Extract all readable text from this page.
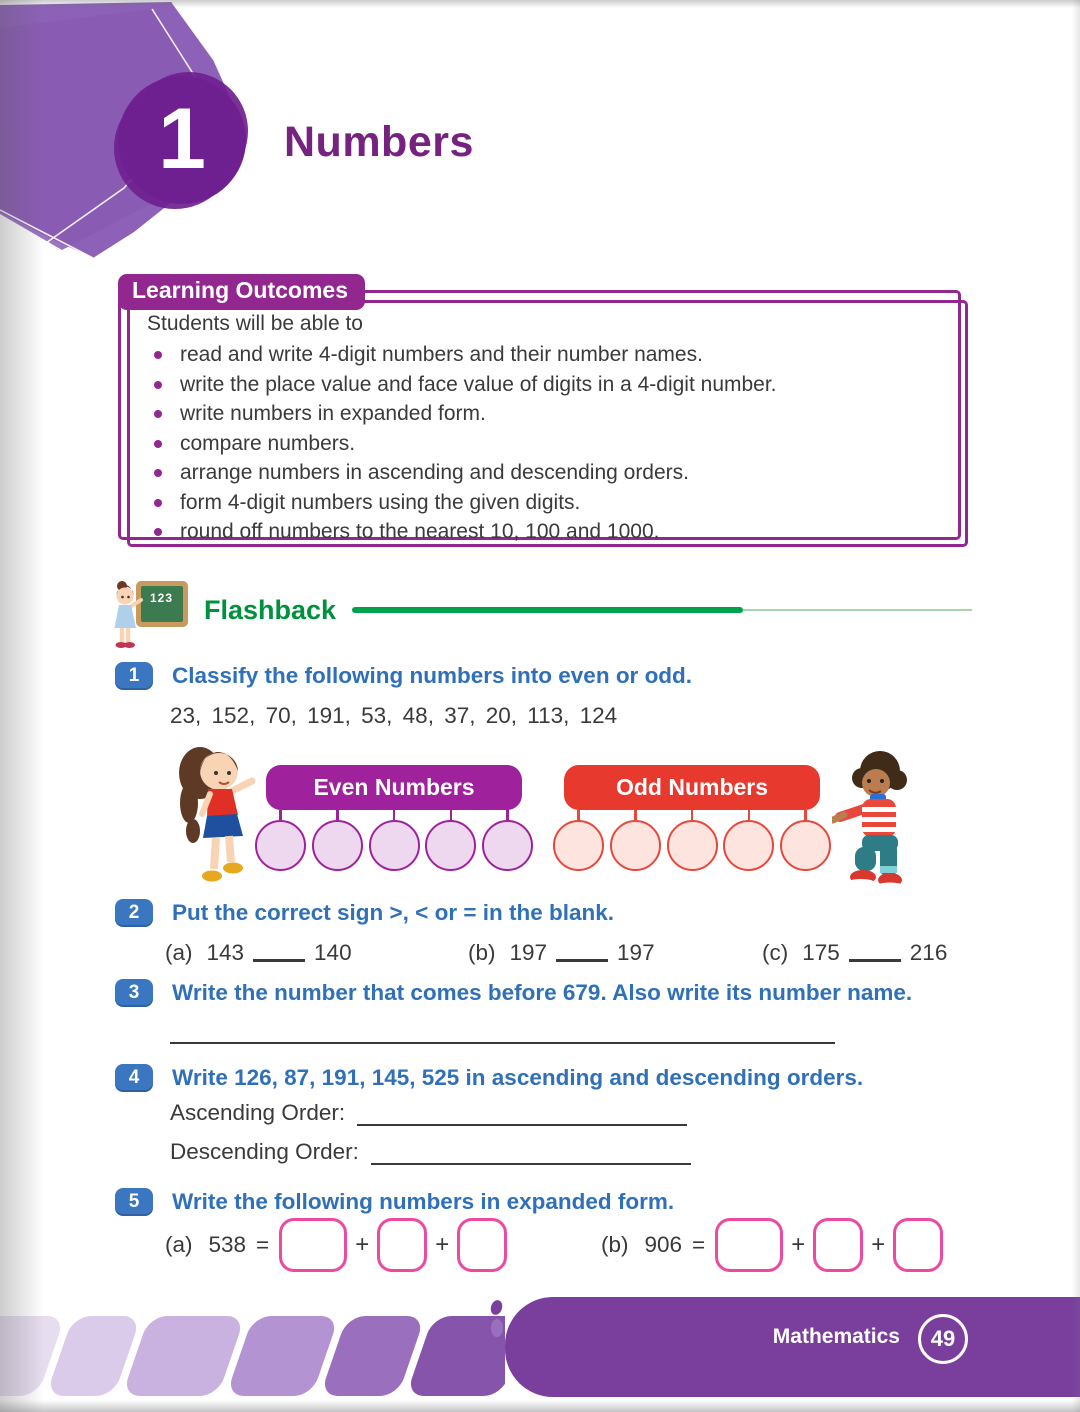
1 Numbers
Learning Outcomes
Students will be able to
read and write 4-digit numbers and their number names.
write the place value and face value of digits in a 4-digit number.
write numbers in expanded form.
compare numbers.
arrange numbers in ascending and descending orders.
form 4-digit numbers using the given digits.
round off numbers to the nearest 10, 100 and 1000.
123 Flashback
1	Classify the following numbers into even or odd.
23, 152, 70, 191, 53, 48, 37, 20, 113, 124
Even Numbers	Odd Numbers
2	Put the correct sign >, < or = in the blank.
(a) 143	140	(b) 197	197	(c) 175	216
3	Write the number that comes before 679. Also write its number name.
4	Write 126, 87, 191, 145, 525 in ascending and descending orders.
Ascending Order:
Descending Order:
5	Write the following numbers in expanded form.
(a) 538 =	+	+	(b) 906 =	+	+
Mathematics	49
